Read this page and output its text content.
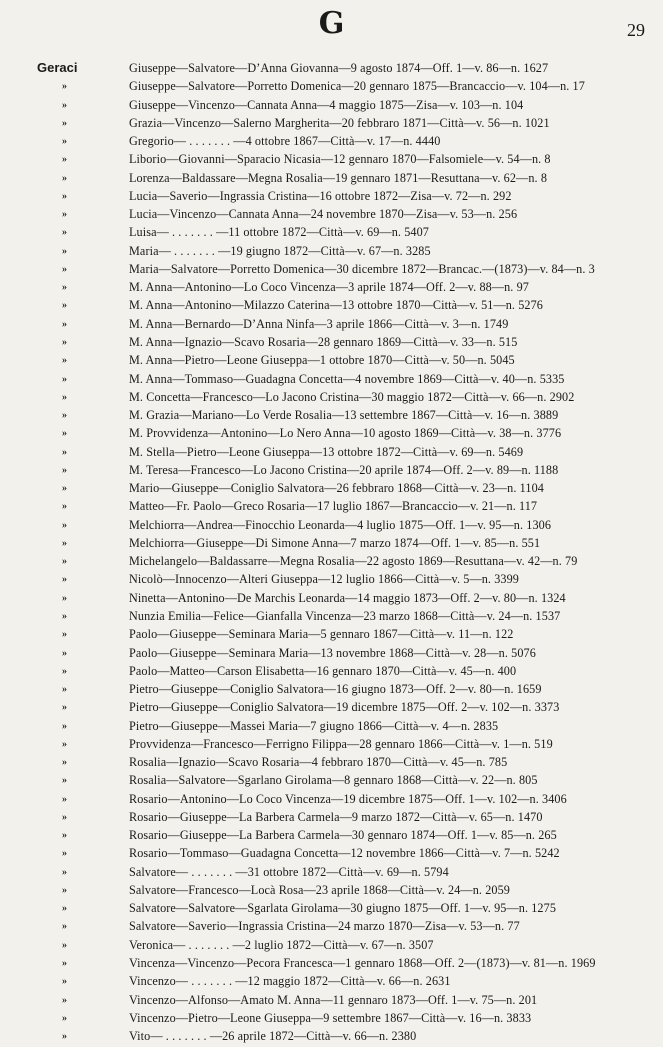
G	29
Geraci	Giuseppe—Salvatore—D’Anna Giovanna—9 agosto 1874—Off. 1—v. 86—n. 1627
»	Giuseppe—Salvatore—Porretto Domenica—20 gennaro 1875—Brancaccio—v. 104—n. 17
»	Giuseppe—Vincenzo—Cannata Anna—4 maggio 1875—Zisa—v. 103—n. 104
»	Grazia—Vincenzo—Salerno Margherita—20 febbraro 1871—Città—v. 56—n. 1021
»	Gregorio— . . . . . . . —4 ottobre 1867—Città—v. 17—n. 4440
»	Liborio—Giovanni—Sparacio Nicasia—12 gennaro 1870—Falsomiele—v. 54—n. 8
»	Lorenza—Baldassare—Megna Rosalia—19 gennaro 1871—Resuttana—v. 62—n. 8
»	Lucia—Saverio—Ingrassia Cristina—16 ottobre 1872—Zisa—v. 72—n. 292
»	Lucia—Vincenzo—Cannata Anna—24 novembre 1870—Zisa—v. 53—n. 256
»	Luisa— . . . . . . . —11 ottobre 1872—Città—v. 69—n. 5407
»	Maria— . . . . . . . —19 giugno 1872—Città—v. 67—n. 3285
»	Maria—Salvatore—Porretto Domenica—30 dicembre 1872—Brancac.—(1873)—v. 84—n. 3
»	M. Anna—Antonino—Lo Coco Vincenza—3 aprile 1874—Off. 2—v. 88—n. 97
»	M. Anna—Antonino—Milazzo Caterina—13 ottobre 1870—Città—v. 51—n. 5276
»	M. Anna—Bernardo—D’Anna Ninfa—3 aprile 1866—Città—v. 3—n. 1749
»	M. Anna—Ignazio—Scavo Rosaria—28 gennaro 1869—Città—v. 33—n. 515
»	M. Anna—Pietro—Leone Giuseppa—1 ottobre 1870—Città—v. 50—n. 5045
»	M. Anna—Tommaso—Guadagna Concetta—4 novembre 1869—Città—v. 40—n. 5335
»	M. Concetta—Francesco—Lo Jacono Cristina—30 maggio 1872—Città—v. 66—n. 2902
»	M. Grazia—Mariano—Lo Verde Rosalia—13 settembre 1867—Città—v. 16—n. 3889
»	M. Provvidenza—Antonino—Lo Nero Anna—10 agosto 1869—Città—v. 38—n. 3776
»	M. Stella—Pietro—Leone Giuseppa—13 ottobre 1872—Città—v. 69—n. 5469
»	M. Teresa—Francesco—Lo Jacono Cristina—20 aprile 1874—Off. 2—v. 89—n. 1188
»	Mario—Giuseppe—Coniglio Salvatora—26 febbraro 1868—Città—v. 23—n. 1104
»	Matteo—Fr. Paolo—Greco Rosaria—17 luglio 1867—Brancaccio—v. 21—n. 117
»	Melchiorra—Andrea—Finocchio Leonarda—4 luglio 1875—Off. 1—v. 95—n. 1306
»	Melchiorra—Giuseppe—Di Simone Anna—7 marzo 1874—Off. 1—v. 85—n. 551
»	Michelangelo—Baldassarre—Megna Rosalia—22 agosto 1869—Resuttana—v. 42—n. 79
»	Nicolò—Innocenzo—Alteri Giuseppa—12 luglio 1866—Città—v. 5—n. 3399
»	Ninetta—Antonino—De Marchis Leonarda—14 maggio 1873—Off. 2—v. 80—n. 1324
»	Nunzia Emilia—Felice—Gianfalla Vincenza—23 marzo 1868—Città—v. 24—n. 1537
»	Paolo—Giuseppe—Seminara Maria—5 gennaro 1867—Città—v. 11—n. 122
»	Paolo—Giuseppe—Seminara Maria—13 novembre 1868—Città—v. 28—n. 5076
»	Paolo—Matteo—Carson Elisabetta—16 gennaro 1870—Città—v. 45—n. 400
»	Pietro—Giuseppe—Coniglio Salvatora—16 giugno 1873—Off. 2—v. 80—n. 1659
»	Pietro—Giuseppe—Coniglio Salvatora—19 dicembre 1875—Off. 2—v. 102—n. 3373
»	Pietro—Giuseppe—Massei Maria—7 giugno 1866—Città—v. 4—n. 2835
»	Provvidenza—Francesco—Ferrigno Filippa—28 gennaro 1866—Città—v. 1—n. 519
»	Rosalia—Ignazio—Scavo Rosaria—4 febbraro 1870—Città—v. 45—n. 785
»	Rosalia—Salvatore—Sgarlano Girolama—8 gennaro 1868—Città—v. 22—n. 805
»	Rosario—Antonino—Lo Coco Vincenza—19 dicembre 1875—Off. 1—v. 102—n. 3406
»	Rosario—Giuseppe—La Barbera Carmela—9 marzo 1872—Città—v. 65—n. 1470
»	Rosario—Giuseppe—La Barbera Carmela—30 gennaro 1874—Off. 1—v. 85—n. 265
»	Rosario—Tommaso—Guadagna Concetta—12 novembre 1866—Città—v. 7—n. 5242
»	Salvatore— . . . . . . . —31 ottobre 1872—Città—v. 69—n. 5794
»	Salvatore—Francesco—Locà Rosa—23 aprile 1868—Città—v. 24—n. 2059
»	Salvatore—Salvatore—Sgarlata Girolama—30 giugno 1875—Off. 1—v. 95—n. 1275
»	Salvatore—Saverio—Ingrassia Cristina—24 marzo 1870—Zisa—v. 53—n. 77
»	Veronica— . . . . . . . —2 luglio 1872—Città—v. 67—n. 3507
»	Vincenza—Vincenzo—Pecora Francesca—1 gennaro 1868—Off. 2—(1873)—v. 81—n. 1969
»	Vincenzo— . . . . . . . —12 maggio 1872—Città—v. 66—n. 2631
»	Vincenzo—Alfonso—Amato M. Anna—11 gennaro 1873—Off. 1—v. 75—n. 201
»	Vincenzo—Pietro—Leone Giuseppa—9 settembre 1867—Città—v. 16—n. 3833
»	Vito— . . . . . . . —26 aprile 1872—Città—v. 66—n. 2380
